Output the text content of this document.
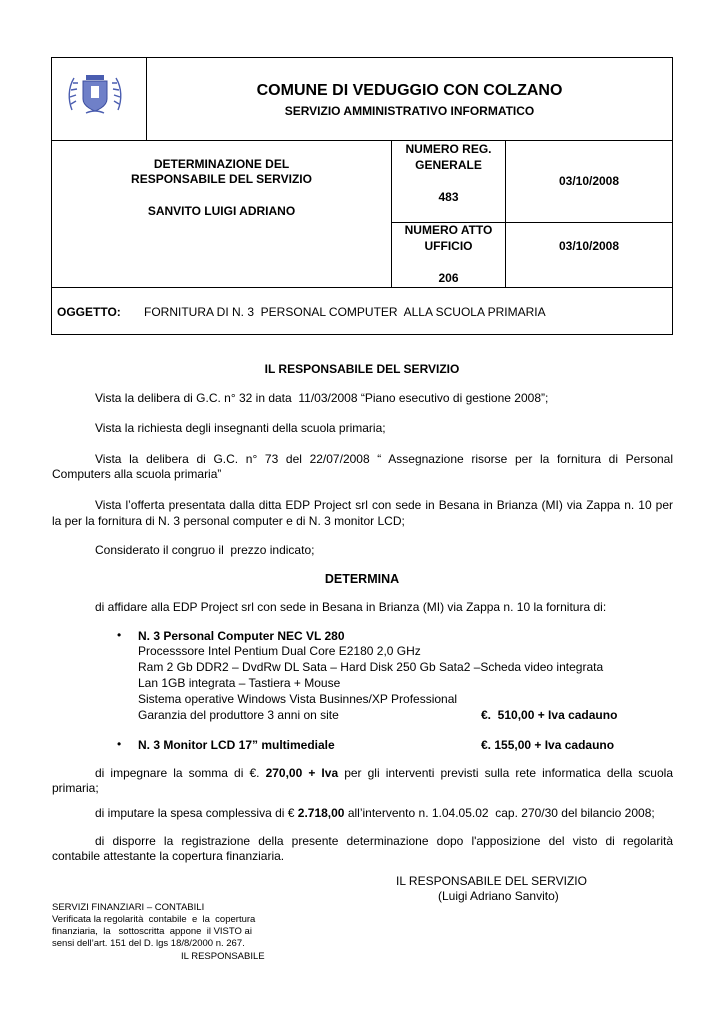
COMUNE DI VEDUGGIO CON COLZANO
SERVIZIO AMMINISTRATIVO INFORMATICO
DETERMINAZIONE DEL
RESPONSABILE DEL SERVIZIO
SANVITO LUIGI ADRIANO
NUMERO REG.
GENERALE
483
03/10/2008
NUMERO ATTO
UFFICIO
206
03/10/2008
OGGETTO: FORNITURA DI N. 3  PERSONAL COMPUTER  ALLA SCUOLA PRIMARIA
IL RESPONSABILE DEL SERVIZIO
Vista la delibera di G.C. n° 32 in data  11/03/2008 “Piano esecutivo di gestione 2008”;
Vista la richiesta degli insegnanti della scuola primaria;
Vista la delibera di G.C. n° 73 del 22/07/2008 “ Assegnazione risorse per la fornitura di Personal
Computers alla scuola primaria”
Vista l’offerta presentata dalla ditta EDP Project srl con sede in Besana in Brianza (MI) via Zappa n. 10 per
la per la fornitura di N. 3 personal computer e di N. 3 monitor LCD;
Considerato il congruo il  prezzo indicato;
DETERMINA
di affidare alla EDP Project srl con sede in Besana in Brianza (MI) via Zappa n. 10 la fornitura di:
• N. 3 Personal Computer NEC VL 280
Processsore Intel Pentium Dual Core E2180 2,0 GHz
Ram 2 Gb DDR2 – DvdRw DL Sata – Hard Disk 250 Gb Sata2 –Scheda video integrata
Lan 1GB integrata – Tastiera + Mouse
Sistema operative Windows Vista Businnes/XP Professional
Garanzia del produttore 3 anni on site	€.  510,00 + Iva cadauno
• N. 3 Monitor LCD 17” multimediale	€. 155,00 + Iva cadauno
di impegnare la somma di €. 270,00 + Iva per gli interventi previsti sulla rete informatica della scuola
primaria;
di imputare la spesa complessiva di € 2.718,00 all’intervento n. 1.04.05.02  cap. 270/30 del bilancio 2008;
di disporre la registrazione della presente determinazione dopo l'apposizione del visto di regolarità
contabile attestante la copertura finanziaria.
IL RESPONSABILE DEL SERVIZIO
(Luigi Adriano Sanvito)
SERVIZI FINANZIARI – CONTABILI
Verificata la regolarità  contabile  e  la  copertura
finanziaria,  la   sottoscritta  appone  il VISTO ai
sensi dell’art. 151 del D. lgs 18/8/2000 n. 267.
IL RESPONSABILE
